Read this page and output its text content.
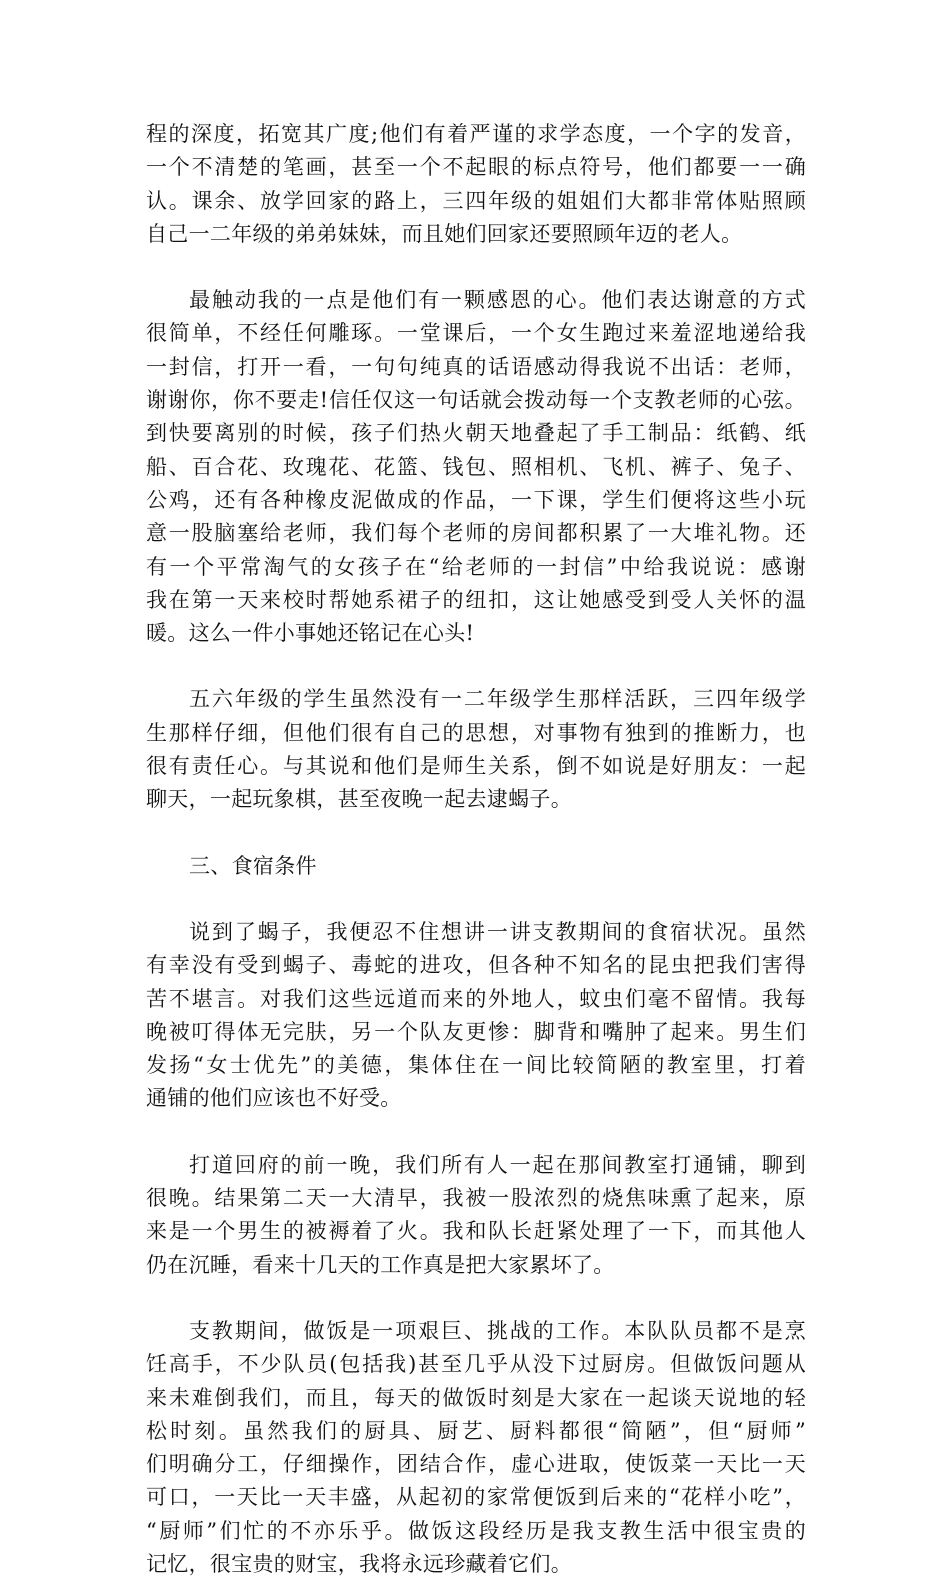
程的深度，拓宽其广度;他们有着严谨的求学态度，一个字的发音，
一个不清楚的笔画，甚至一个不起眼的标点符号，他们都要一一确
认。课余、放学回家的路上，三四年级的姐姐们大都非常体贴照顾
自己一二年级的弟弟妹妹，而且她们回家还要照顾年迈的老人。
最触动我的一点是他们有一颗感恩的心。他们表达谢意的方式
很简单，不经任何雕琢。一堂课后，一个女生跑过来羞涩地递给我
一封信，打开一看，一句句纯真的话语感动得我说不出话：老师，
谢谢你，你不要走!信任仅这一句话就会拨动每一个支教老师的心弦。
到快要离别的时候，孩子们热火朝天地叠起了手工制品：纸鹤、纸
船、百合花、玫瑰花、花篮、钱包、照相机、飞机、裤子、兔子、
公鸡，还有各种橡皮泥做成的作品，一下课，学生们便将这些小玩
意一股脑塞给老师，我们每个老师的房间都积累了一大堆礼物。还
有一个平常淘气的女孩子在“给老师的一封信”中给我说说：感谢
我在第一天来校时帮她系裙子的纽扣，这让她感受到受人关怀的温
暖。这么一件小事她还铭记在心头!
五六年级的学生虽然没有一二年级学生那样活跃，三四年级学
生那样仔细，但他们很有自己的思想，对事物有独到的推断力，也
很有责任心。与其说和他们是师生关系，倒不如说是好朋友：一起
聊天，一起玩象棋，甚至夜晚一起去逮蝎子。
三、食宿条件
说到了蝎子，我便忍不住想讲一讲支教期间的食宿状况。虽然
有幸没有受到蝎子、毒蛇的进攻，但各种不知名的昆虫把我们害得
苦不堪言。对我们这些远道而来的外地人，蚊虫们毫不留情。我每
晚被叮得体无完肤，另一个队友更惨：脚背和嘴肿了起来。男生们
发扬“女士优先”的美德，集体住在一间比较简陋的教室里，打着
通铺的他们应该也不好受。
打道回府的前一晚，我们所有人一起在那间教室打通铺，聊到
很晚。结果第二天一大清早，我被一股浓烈的烧焦味熏了起来，原
来是一个男生的被褥着了火。我和队长赶紧处理了一下，而其他人
仍在沉睡，看来十几天的工作真是把大家累坏了。
支教期间，做饭是一项艰巨、挑战的工作。本队队员都不是烹
饪高手，不少队员(包括我)甚至几乎从没下过厨房。但做饭问题从
来未难倒我们，而且，每天的做饭时刻是大家在一起谈天说地的轻
松时刻。虽然我们的厨具、厨艺、厨料都很“简陋”，但“厨师”
们明确分工，仔细操作，团结合作，虚心进取，使饭菜一天比一天
可口，一天比一天丰盛，从起初的家常便饭到后来的“花样小吃”，
“厨师”们忙的不亦乐乎。做饭这段经历是我支教生活中很宝贵的
记忆，很宝贵的财宝，我将永远珍藏着它们。
